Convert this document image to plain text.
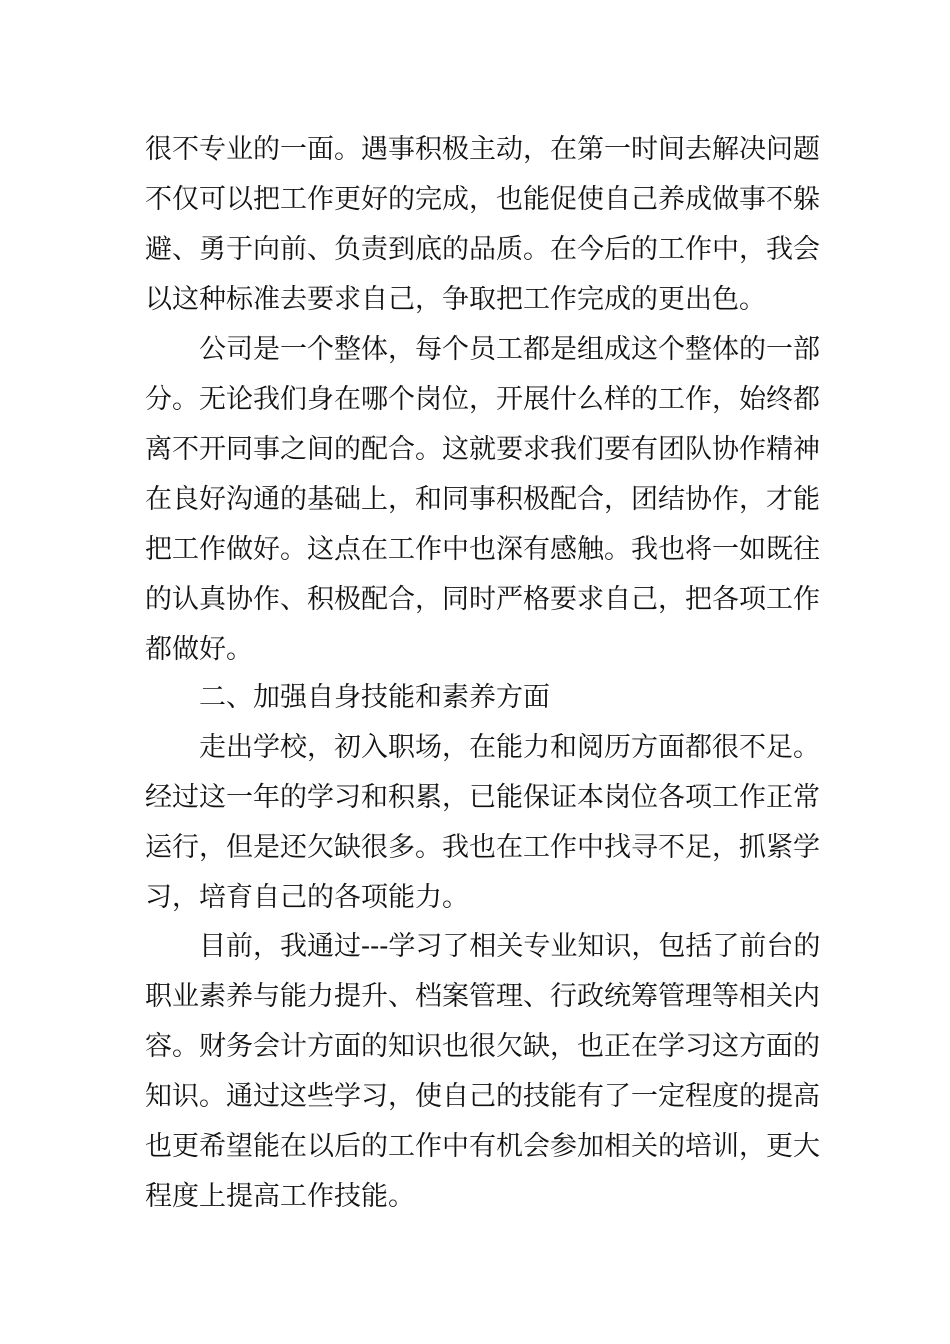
很不专业的一面。遇事积极主动，在第一时间去解决问题
不仅可以把工作更好的完成，也能促使自己养成做事不躲
避、勇于向前、负责到底的品质。在今后的工作中，我会
以这种标准去要求自己，争取把工作完成的更出色。
公司是一个整体，每个员工都是组成这个整体的一部
分。无论我们身在哪个岗位，开展什么样的工作，始终都
离不开同事之间的配合。这就要求我们要有团队协作精神
在良好沟通的基础上，和同事积极配合，团结协作，才能
把工作做好。这点在工作中也深有感触。我也将一如既往
的认真协作、积极配合，同时严格要求自己，把各项工作
都做好。
二、加强自身技能和素养方面
走出学校，初入职场，在能力和阅历方面都很不足。
经过这一年的学习和积累，已能保证本岗位各项工作正常
运行，但是还欠缺很多。我也在工作中找寻不足，抓紧学
习，培育自己的各项能力。
目前，我通过---学习了相关专业知识，包括了前台的
职业素养与能力提升、档案管理、行政统筹管理等相关内
容。财务会计方面的知识也很欠缺，也正在学习这方面的
知识。通过这些学习，使自己的技能有了一定程度的提高
也更希望能在以后的工作中有机会参加相关的培训，更大
程度上提高工作技能。
